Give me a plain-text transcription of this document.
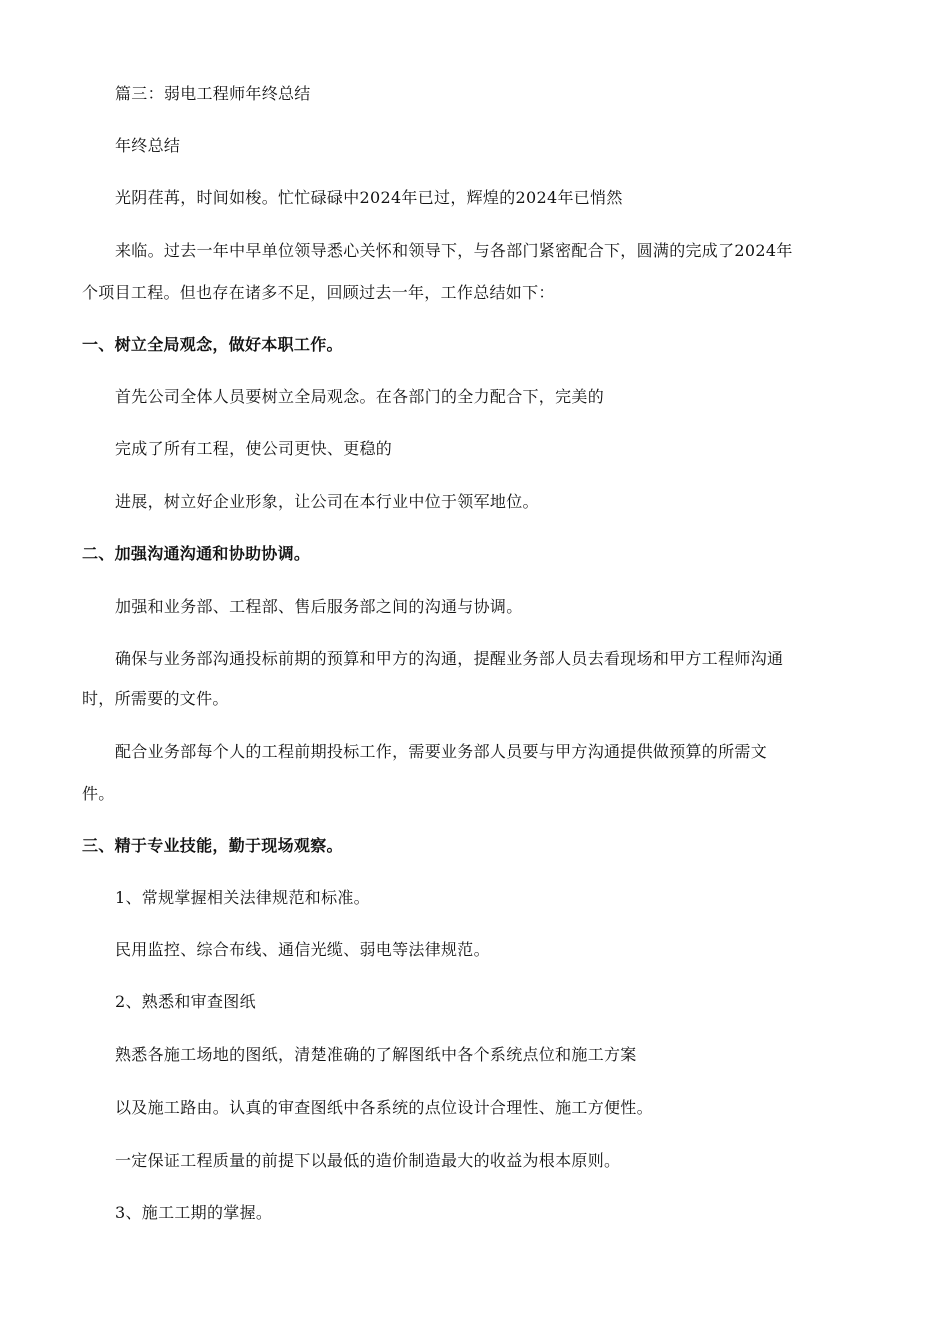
篇三：弱电工程师年终总结
年终总结
光阴荏苒，时间如梭。忙忙碌碌中2024年已过，辉煌的2024年已悄然
来临。过去一年中早单位领导悉心关怀和领导下，与各部门紧密配合下，圆满的完成了2024年
个项目工程。但也存在诸多不足，回顾过去一年，工作总结如下：
一、树立全局观念，做好本职工作。
首先公司全体人员要树立全局观念。在各部门的全力配合下，完美的
完成了所有工程，使公司更快、更稳的
进展，树立好企业形象，让公司在本行业中位于领军地位。
二、加强沟通沟通和协助协调。
加强和业务部、工程部、售后服务部之间的沟通与协调。
确保与业务部沟通投标前期的预算和甲方的沟通，提醒业务部人员去看现场和甲方工程师沟通
时，所需要的文件。
配合业务部每个人的工程前期投标工作，需要业务部人员要与甲方沟通提供做预算的所需文
件。
三、精于专业技能，勤于现场观察。
1、常规掌握相关法律规范和标准。
民用监控、综合布线、通信光缆、弱电等法律规范。
2、熟悉和审查图纸
熟悉各施工场地的图纸，清楚准确的了解图纸中各个系统点位和施工方案
以及施工路由。认真的审查图纸中各系统的点位设计合理性、施工方便性。
一定保证工程质量的前提下以最低的造价制造最大的收益为根本原则。
3、施工工期的掌握。
